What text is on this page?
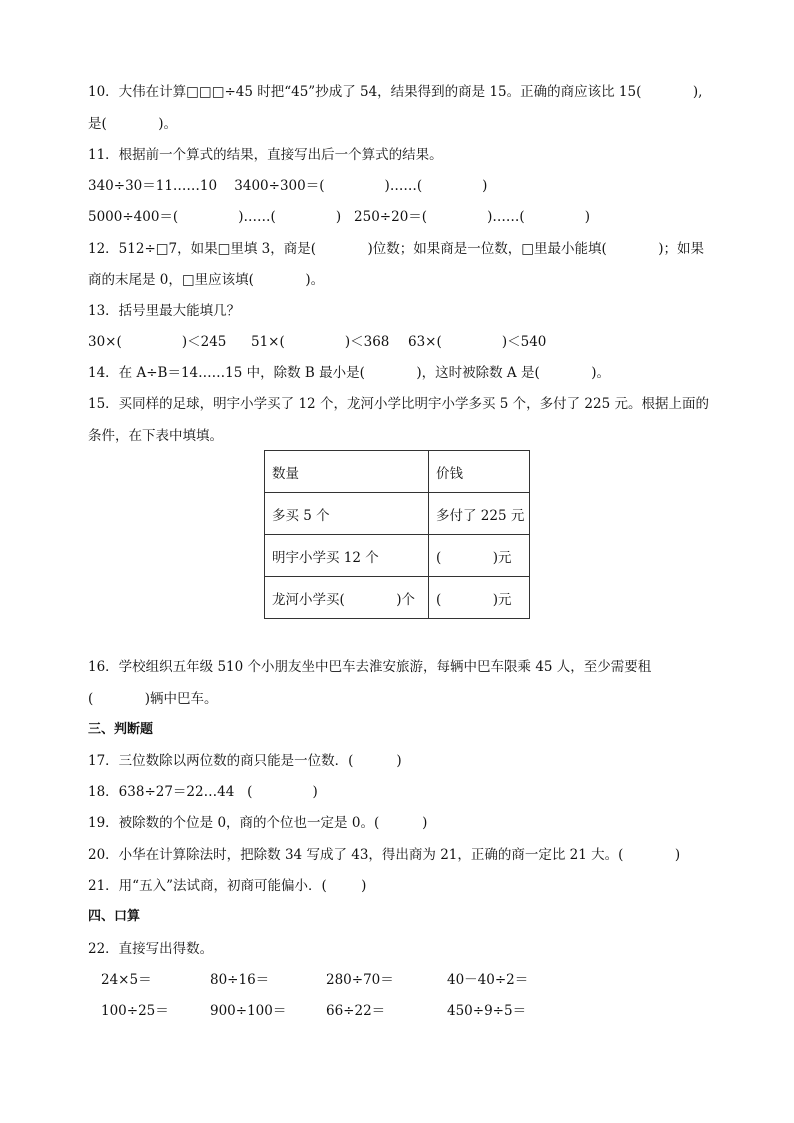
10．大伟在计算□□□÷45 时把“45”抄成了 54，结果得到的商是 15。正确的商应该比 15(            ),
是(            )。
11．根据前一个算式的结果，直接写出后一个算式的结果。
340÷30＝11……10    3400÷300＝(              )……(              )
5000÷400＝(              )……(              )   250÷20＝(              )……(              )
12．512÷□7，如果□里填 3，商是(            )位数；如果商是一位数，□里最小能填(            )；如果
商的末尾是 0，□里应该填(            )。
13．括号里最大能填几？
30×(              )＜245 51×(              )＜368 63×(              )＜540
14．在 A÷B＝14……15 中，除数 B 最小是(            )，这时被除数 A 是(            )。
15．买同样的足球，明宇小学买了 12 个，龙河小学比明宇小学多买 5 个，多付了 225 元。根据上面的
条件，在下表中填填。
数量	价钱
多买 5 个	多付了 225 元
明宇小学买 12 个	(            )元
龙河小学买(            )个	(            )元
16．学校组织五年级 510 个小朋友坐中巴车去淮安旅游，每辆中巴车限乘 45 人，至少需要租
(            )辆中巴车。
三、判断题
17．三位数除以两位数的商只能是一位数．(          )
18．638÷27＝22…44   (              )
19．被除数的个位是 0，商的个位也一定是 0。(          )
20．小华在计算除法时，把除数 34 写成了 43，得出商为 21，正确的商一定比 21 大。(            )
21．用“五入”法试商，初商可能偏小．(        )
四、口算
22．直接写出得数。
24×5＝	80÷16＝	280÷70＝	40－40÷2＝
100÷25＝	900÷100＝	66÷22＝	450÷9÷5＝
